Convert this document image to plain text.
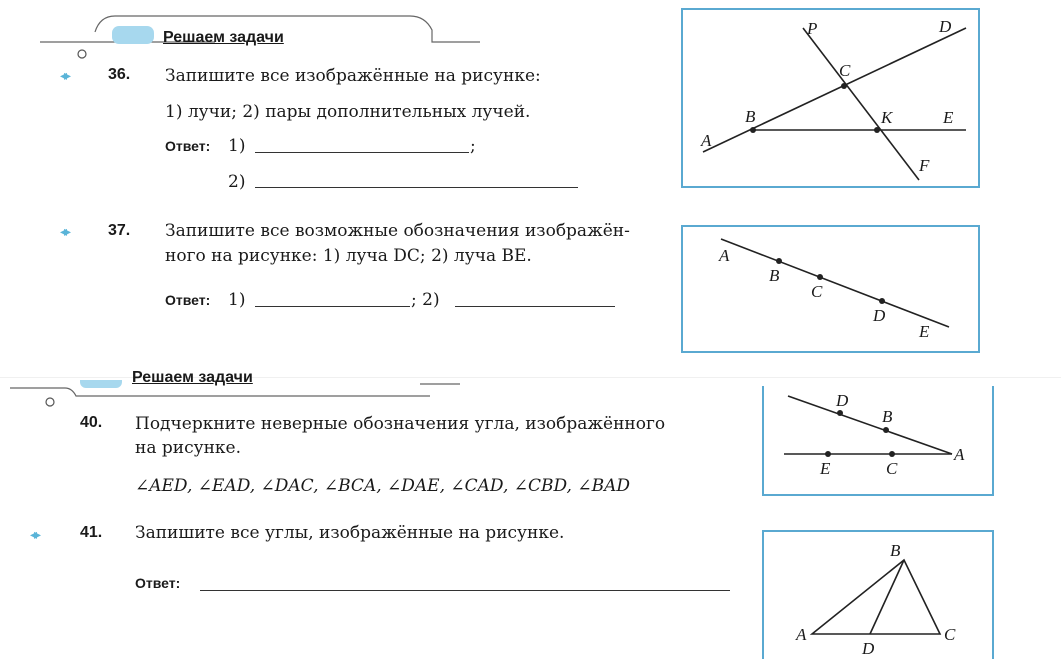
Решаем задачи
◂▸ 36. Запишите все изображённые на рисунке:
1) лучи; 2) пары дополнительных лучей.
Ответ: 1)	;
2)
P	D
C
B	K	E
A
F
◂▸ 37. Запишите все возможные обозначения изображён-
ного на рисунке: 1) луча DC; 2) луча BE.
Ответ: 1)	; 2)
A
B
C
D
E
Решаем задачи
40. Подчеркните неверные обозначения угла, изображённого
на рисунке.
∠AED, ∠EAD, ∠DAC, ∠BCA, ∠DAE, ∠CAD, ∠CBD, ∠BAD
D
B
E	C
A
◂▸	41. Запишите все углы, изображённые на рисунке.
Ответ:
B
A
D
C
